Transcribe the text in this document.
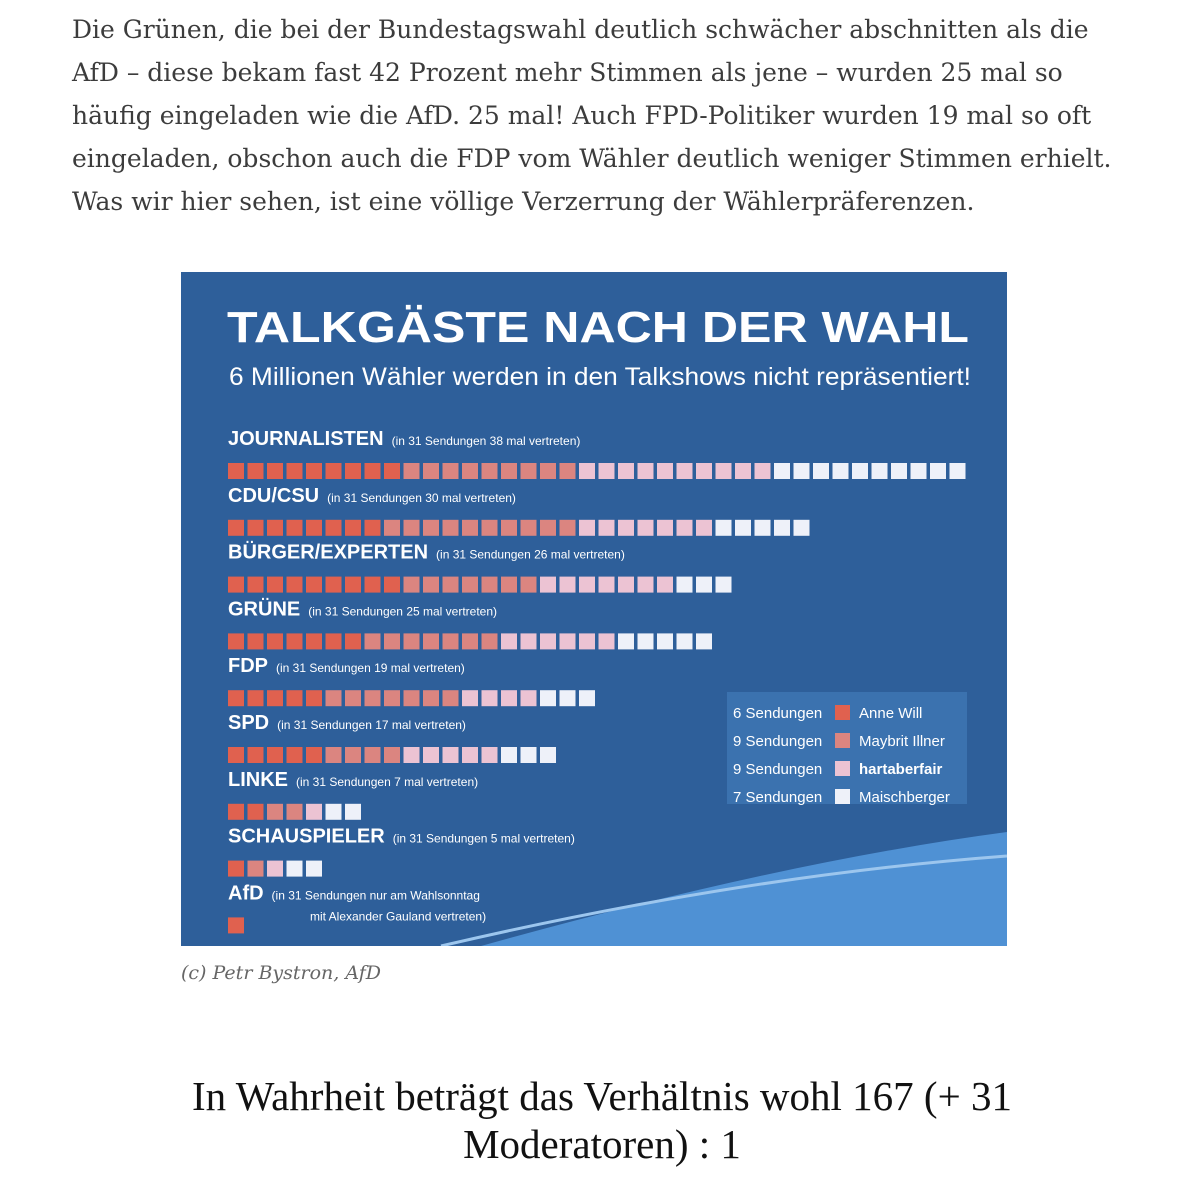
Die Grünen, die bei der Bundestagswahl deutlich schwächer abschnitten als die AfD – diese bekam fast 42 Prozent mehr Stimmen als jene – wurden 25 mal so häufig eingeladen wie die AfD. 25 mal! Auch FPD-Politiker wurden 19 mal so oft eingeladen, obschon auch die FDP vom Wähler deutlich weniger Stimmen erhielt. Was wir hier sehen, ist eine völlige Verzerrung der Wählerpräferenzen.

TALKGÄSTE NACH DER WAHL
6 Millionen Wähler werden in den Talkshows nicht repräsentiert!
JOURNALISTEN (in 31 Sendungen 38 mal vertreten)
CDU/CSU (in 31 Sendungen 30 mal vertreten)
BÜRGER/EXPERTEN (in 31 Sendungen 26 mal vertreten)
GRÜNE (in 31 Sendungen 25 mal vertreten)
FDP (in 31 Sendungen 19 mal vertreten)
SPD (in 31 Sendungen 17 mal vertreten)
LINKE (in 31 Sendungen 7 mal vertreten)
SCHAUSPIELER (in 31 Sendungen 5 mal vertreten)
AfD (in 31 Sendungen nur am Wahlsonntag
mit Alexander Gauland vertreten)
6 Sendungen Anne Will
9 Sendungen Maybrit Illner
9 Sendungen hartaberfair
7 Sendungen Maischberger
(c) Petr Bystron, AfD
In Wahrheit beträgt das Verhältnis wohl 167 (+ 31 Moderatoren) : 1
